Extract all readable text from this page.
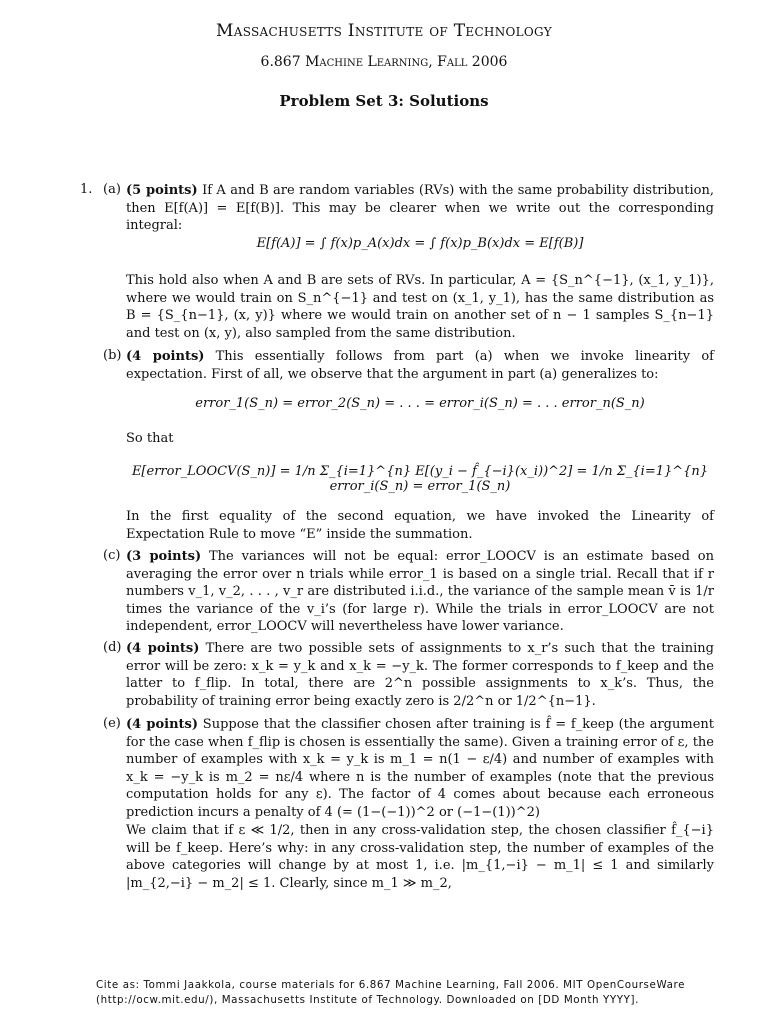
Massachusetts Institute of Technology
6.867 Machine Learning, Fall 2006
Problem Set 3: Solutions
1. (a) (5 points) If A and B are random variables (RVs) with the same probability distribution, then E[f(A)] = E[f(B)]. This may be clearer when we write out the corresponding integral:
E[f(A)] = ∫ f(x)p_A(x)dx = ∫ f(x)p_B(x)dx = E[f(B)]
This hold also when A and B are sets of RVs. In particular, A = {S_n^{−1}, (x_1, y_1)}, where we would train on S_n^{−1} and test on (x_1, y_1), has the same distribution as B = {S_{n−1}, (x, y)} where we would train on another set of n − 1 samples S_{n−1} and test on (x, y), also sampled from the same distribution.
(b) (4 points) This essentially follows from part (a) when we invoke linearity of expectation. First of all, we observe that the argument in part (a) generalizes to:
error_1(S_n) = error_2(S_n) = . . . = error_i(S_n) = . . . error_n(S_n)
So that
E[error_LOOCV(S_n)] = 1/n Σ_{i=1}^{n} E[(y_i − f̂_{−i}(x_i))^2] = 1/n Σ_{i=1}^{n} error_i(S_n) = error_1(S_n)
In the first equality of the second equation, we have invoked the Linearity of Expectation Rule to move “E” inside the summation.
(c) (3 points) The variances will not be equal: error_LOOCV is an estimate based on averaging the error over n trials while error_1 is based on a single trial. Recall that if r numbers v_1, v_2, . . . , v_r are distributed i.i.d., the variance of the sample mean v̄ is 1/r times the variance of the v_i’s (for large r). While the trials in error_LOOCV are not independent, error_LOOCV will nevertheless have lower variance.
(d) (4 points) There are two possible sets of assignments to x_r’s such that the training error will be zero: x_k = y_k and x_k = −y_k. The former corresponds to f_keep and the latter to f_flip. In total, there are 2^n possible assignments to x_k’s. Thus, the probability of training error being exactly zero is 2/2^n or 1/2^{n−1}.
(e) (4 points) Suppose that the classifier chosen after training is f̂ = f_keep (the argument for the case when f_flip is chosen is essentially the same). Given a training error of ε, the number of examples with x_k = y_k is m_1 = n(1 − ε/4) and number of examples with x_k = −y_k is m_2 = nε/4 where n is the number of examples (note that the previous computation holds for any ε). The factor of 4 comes about because each erroneous prediction incurs a penalty of 4 (= (1−(−1))^2 or (−1−(1))^2)
We claim that if ε ≪ 1/2, then in any cross-validation step, the chosen classifier f̂_{−i} will be f_keep. Here’s why: in any cross-validation step, the number of examples of the above categories will change by at most 1, i.e. |m_{1,−i} − m_1| ≤ 1 and similarly |m_{2,−i} − m_2| ≤ 1. Clearly, since m_1 ≫ m_2,
Cite as: Tommi Jaakkola, course materials for 6.867 Machine Learning, Fall 2006. MIT OpenCourseWare
(http://ocw.mit.edu/), Massachusetts Institute of Technology. Downloaded on [DD Month YYYY].
